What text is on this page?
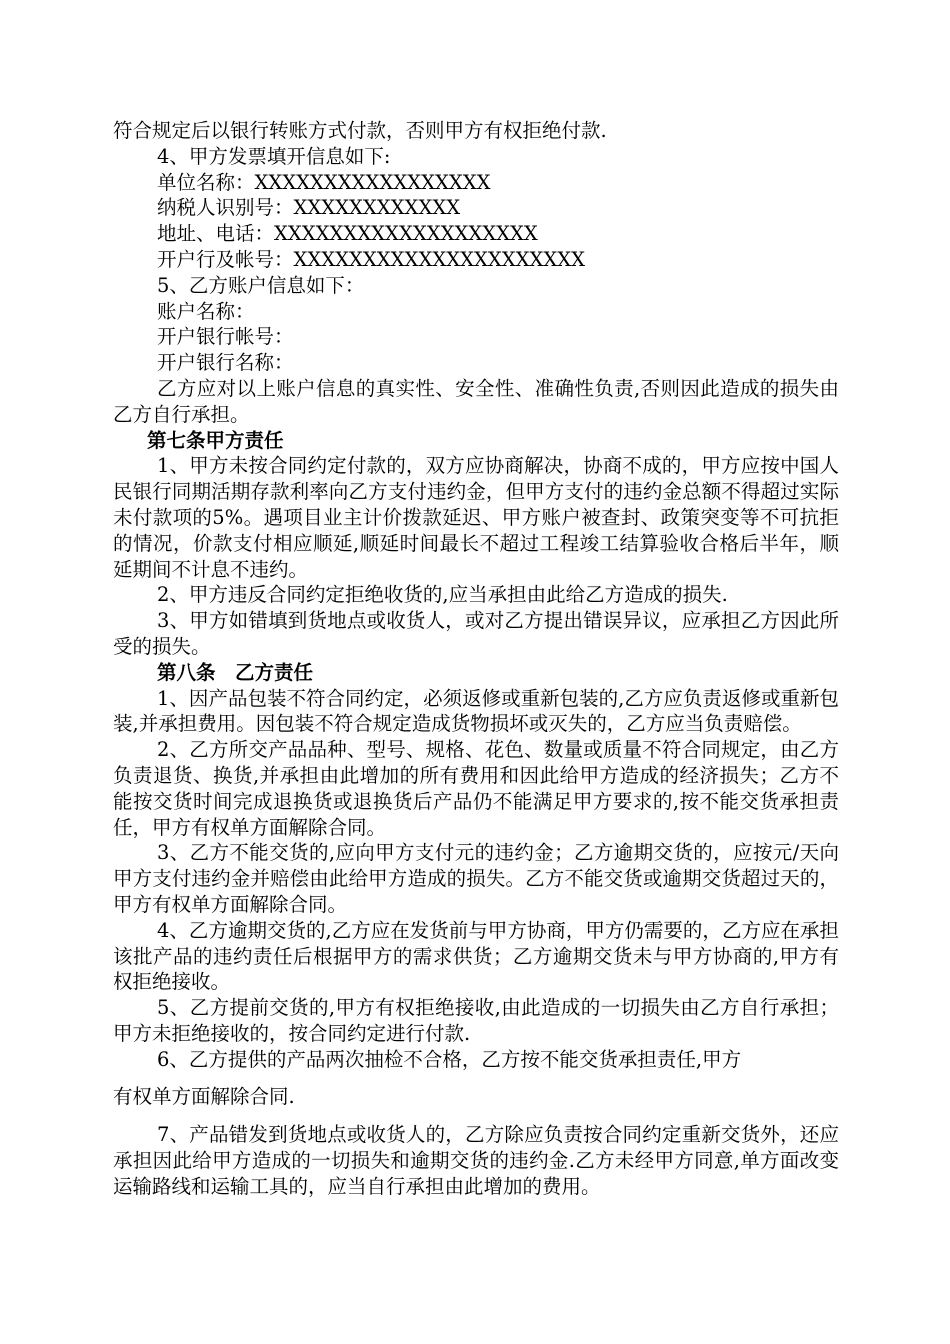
符合规定后以银行转账方式付款，否则甲方有权拒绝付款.
4、甲方发票填开信息如下:
单位名称：XXXXXXXXXXXXXXXXX
纳税人识别号：XXXXXXXXXXXX
地址、电话：XXXXXXXXXXXXXXXXXXX
开户行及帐号：XXXXXXXXXXXXXXXXXXXXX
5、乙方账户信息如下：
账户名称：
开户银行帐号：
开户银行名称：
乙方应对以上账户信息的真实性、安全性、准确性负责,否则因此造成的损失由乙方自行承担。
第七条甲方责任
1、甲方未按合同约定付款的，双方应协商解决，协商不成的，甲方应按中国人民银行同期活期存款利率向乙方支付违约金，但甲方支付的违约金总额不得超过实际未付款项的5%。遇项目业主计价拨款延迟、甲方账户被查封、政策突变等不可抗拒的情况，价款支付相应顺延,顺延时间最长不超过工程竣工结算验收合格后半年，顺延期间不计息不违约。
2、甲方违反合同约定拒绝收货的,应当承担由此给乙方造成的损失.
3、甲方如错填到货地点或收货人，或对乙方提出错误异议，应承担乙方因此所受的损失。
第八条　乙方责任
1、因产品包装不符合同约定，必须返修或重新包装的,乙方应负责返修或重新包装,并承担费用。因包装不符合规定造成货物损坏或灭失的，乙方应当负责赔偿。
2、乙方所交产品品种、型号、规格、花色、数量或质量不符合同规定，由乙方负责退货、换货,并承担由此增加的所有费用和因此给甲方造成的经济损失；乙方不能按交货时间完成退换货或退换货后产品仍不能满足甲方要求的,按不能交货承担责任，甲方有权单方面解除合同。
3、乙方不能交货的,应向甲方支付元的违约金；乙方逾期交货的，应按元/天向甲方支付违约金并赔偿由此给甲方造成的损失。乙方不能交货或逾期交货超过天的，甲方有权单方面解除合同。
4、乙方逾期交货的,乙方应在发货前与甲方协商，甲方仍需要的，乙方应在承担该批产品的违约责任后根据甲方的需求供货；乙方逾期交货未与甲方协商的,甲方有权拒绝接收。
5、乙方提前交货的,甲方有权拒绝接收,由此造成的一切损失由乙方自行承担；甲方未拒绝接收的，按合同约定进行付款.
6、乙方提供的产品两次抽检不合格，乙方按不能交货承担责任,甲方
有权单方面解除合同.
7、产品错发到货地点或收货人的，乙方除应负责按合同约定重新交货外，还应承担因此给甲方造成的一切损失和逾期交货的违约金.乙方未经甲方同意,单方面改变运输路线和运输工具的，应当自行承担由此增加的费用。
